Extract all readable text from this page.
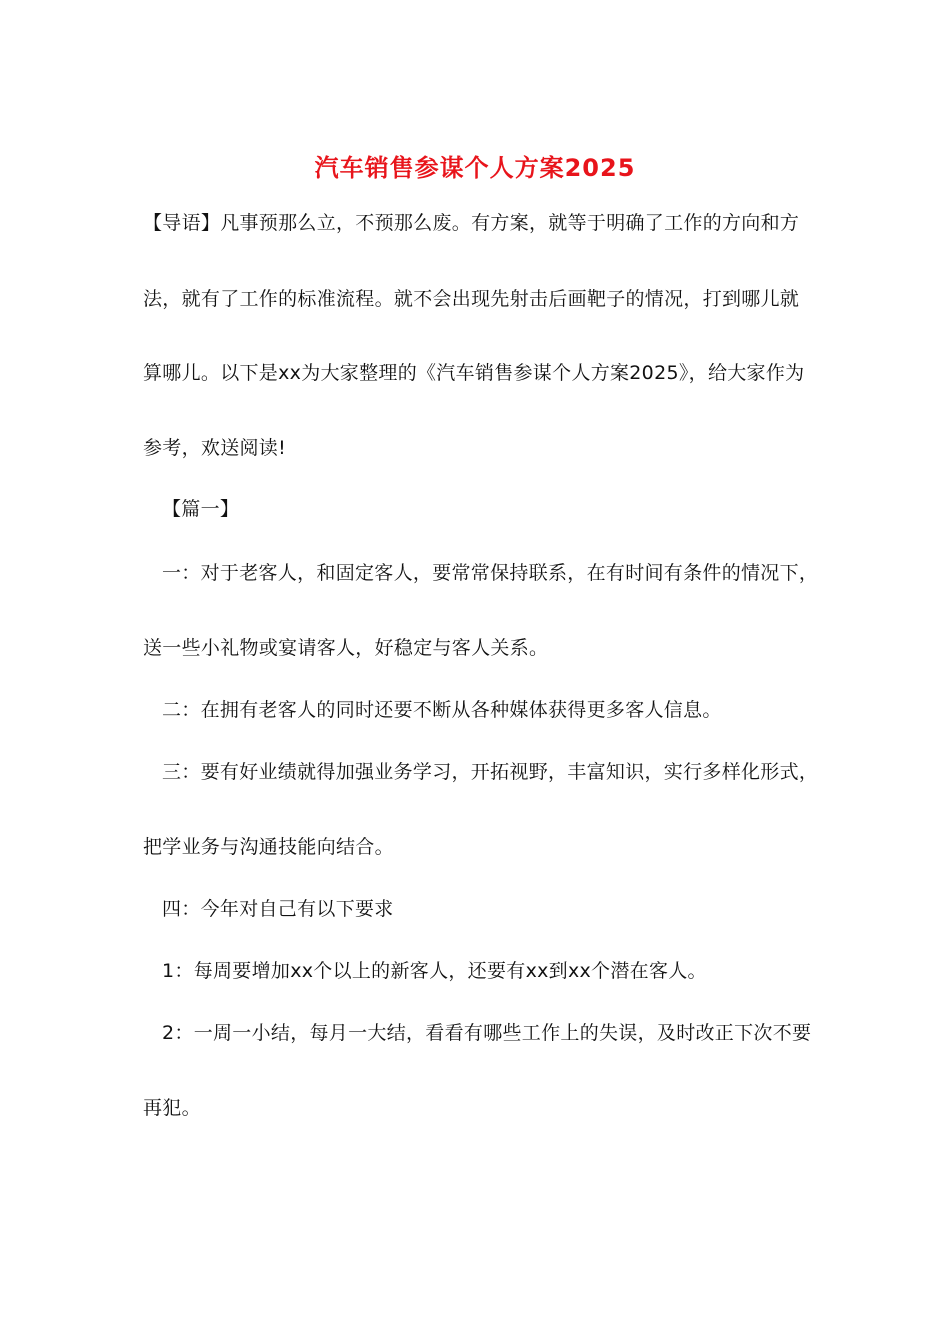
汽车销售参谋个人方案2025
【导语】凡事预那么立，不预那么废。有方案，就等于明确了工作的方向和方
法，就有了工作的标准流程。就不会出现先射击后画靶子的情况，打到哪儿就
算哪儿。以下是xx为大家整理的《汽车销售参谋个人方案2025》，给大家作为
参考，欢送阅读!
【篇一】
一：对于老客人，和固定客人，要常常保持联系，在有时间有条件的情况下，
送一些小礼物或宴请客人，好稳定与客人关系。
二：在拥有老客人的同时还要不断从各种媒体获得更多客人信息。
三：要有好业绩就得加强业务学习，开拓视野，丰富知识，实行多样化形式，
把学业务与沟通技能向结合。
四：今年对自己有以下要求
1：每周要增加xx个以上的新客人，还要有xx到xx个潜在客人。
2：一周一小结，每月一大结，看看有哪些工作上的失误，及时改正下次不要
再犯。
